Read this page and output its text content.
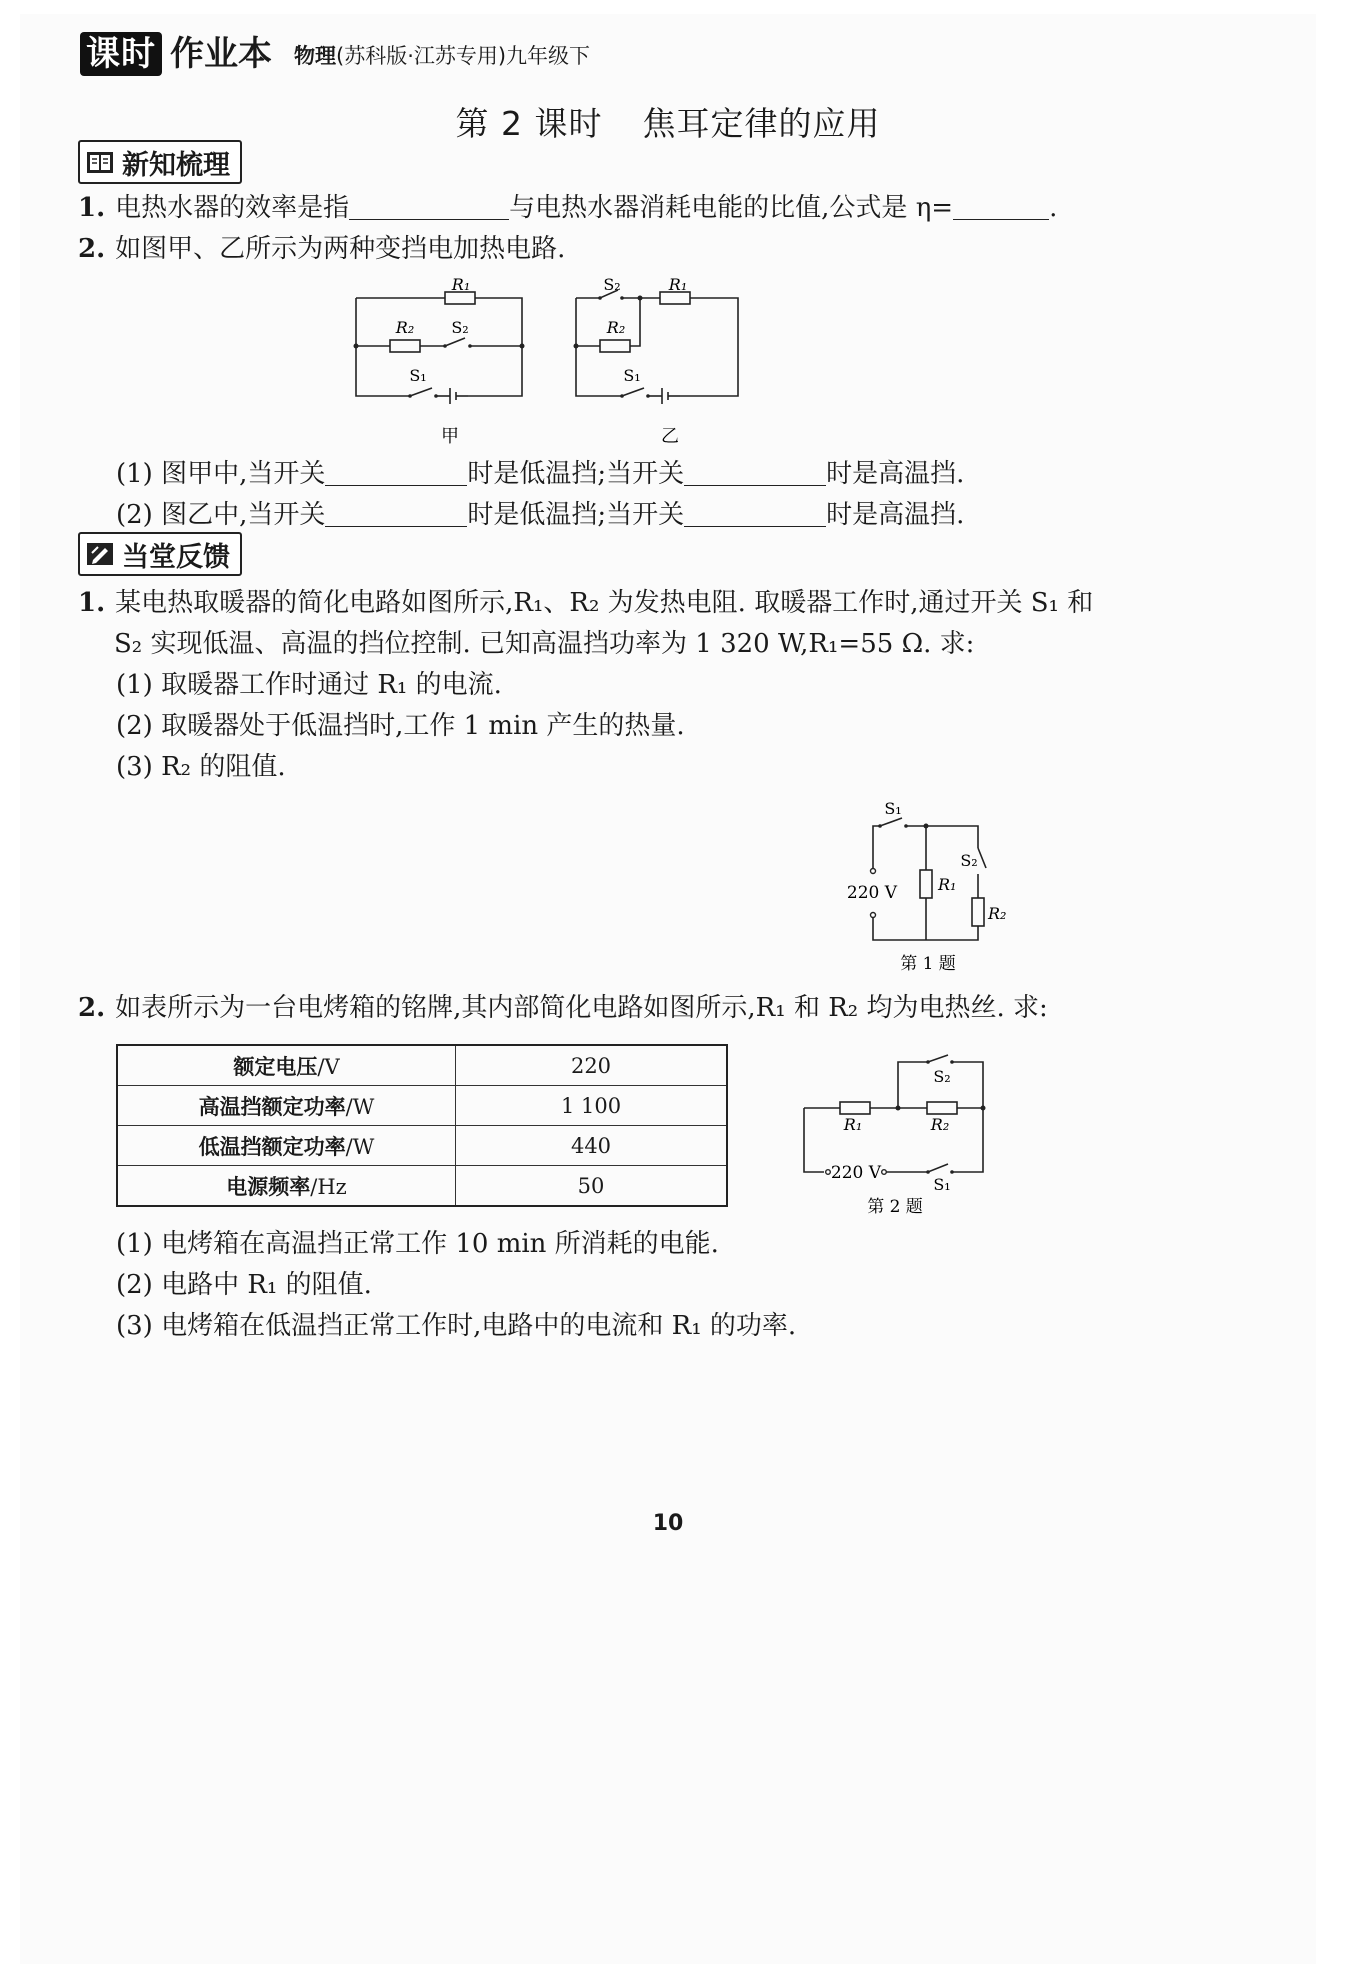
课时 作业本 物理(苏科版·江苏专用)九年级下
第 2 课时 焦耳定律的应用
新知梳理
1. 电热水器的效率是指	与电热水器消耗电能的比值,公式是 η=	.
2. 如图甲、乙所示为两种变挡电加热电路.
R₁
R₂ S₂
S₁
甲
S₂	R₁
R₂
S₁
乙
(1) 图甲中,当开关	时是低温挡;当开关	时是高温挡.
(2) 图乙中,当开关	时是低温挡;当开关	时是高温挡.
当堂反馈
1. 某电热取暖器的简化电路如图所示,R₁、R₂ 为发热电阻. 取暖器工作时,通过开关 S₁ 和
S₂ 实现低温、高温的挡位控制. 已知高温挡功率为 1 320 W,R₁=55 Ω. 求:
(1) 取暖器工作时通过 R₁ 的电流.
(2) 取暖器处于低温挡时,工作 1 min 产生的热量.
(3) R₂ 的阻值.
S₁
S₂
R₁
R₂
220 V
第 1 题
2. 如表所示为一台电烤箱的铭牌,其内部简化电路如图所示,R₁ 和 R₂ 均为电热丝. 求:
额定电压/V	220
高温挡额定功率/W	1 100
低温挡额定功率/W	440
电源频率/Hz	50
S₂
R₁	R₂
220 V
S₁
第 2 题
(1) 电烤箱在高温挡正常工作 10 min 所消耗的电能.
(2) 电路中 R₁ 的阻值.
(3) 电烤箱在低温挡正常工作时,电路中的电流和 R₁ 的功率.
10
